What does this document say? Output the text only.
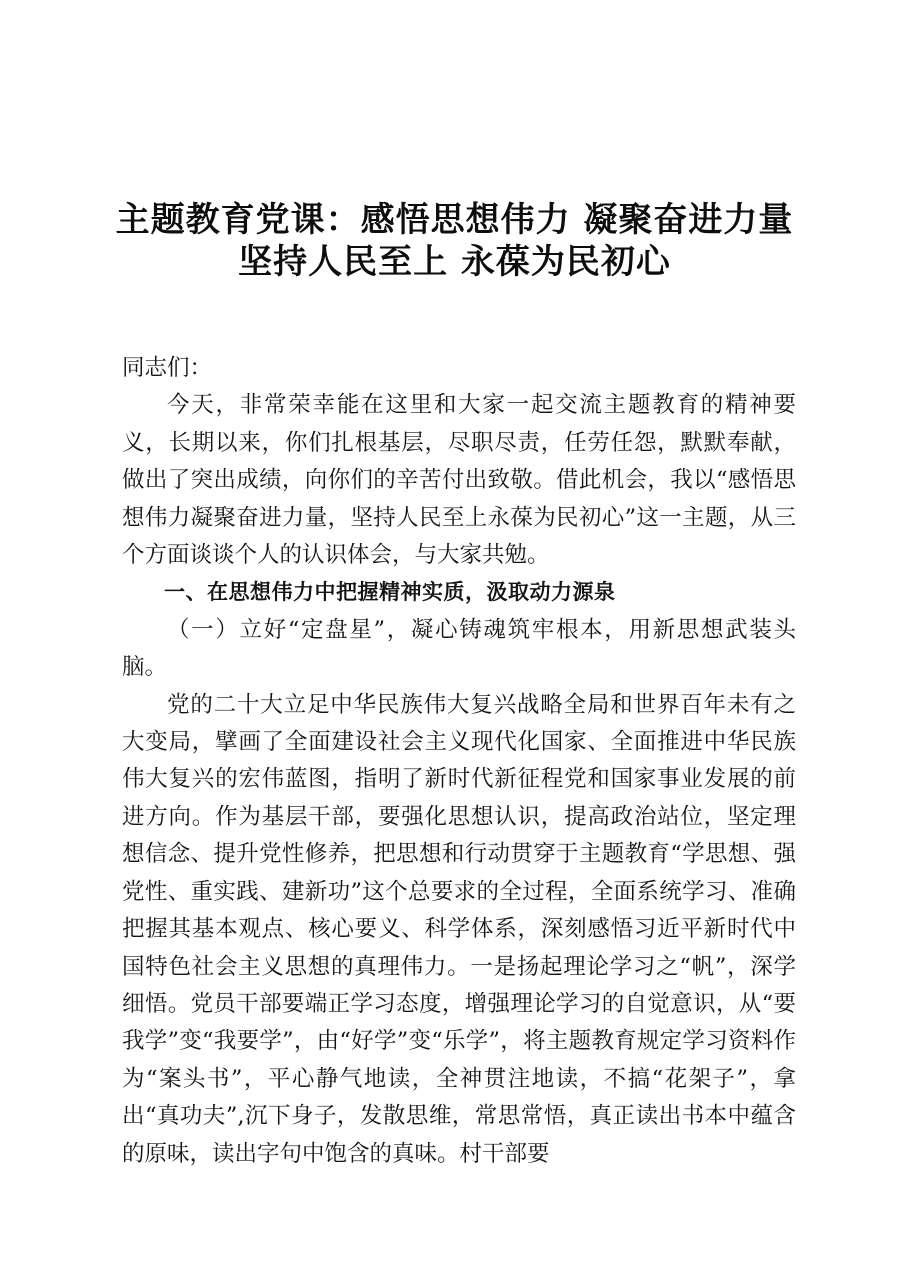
主题教育党课：感悟思想伟力 凝聚奋进力量
坚持人民至上 永葆为民初心

同志们：

今天，非常荣幸能在这里和大家一起交流主题教育的精神要义，长期以来，你们扎根基层，尽职尽责，任劳任怨，默默奉献，做出了突出成绩，向你们的辛苦付出致敬。借此机会，我以“感悟思想伟力凝聚奋进力量，坚持人民至上永葆为民初心”这一主题，从三个方面谈谈个人的认识体会，与大家共勉。

一、在思想伟力中把握精神实质，汲取动力源泉

（一）立好“定盘星”，凝心铸魂筑牢根本，用新思想武装头脑。

党的二十大立足中华民族伟大复兴战略全局和世界百年未有之大变局，擘画了全面建设社会主义现代化国家、全面推进中华民族伟大复兴的宏伟蓝图，指明了新时代新征程党和国家事业发展的前进方向。作为基层干部，要强化思想认识，提高政治站位，坚定理想信念、提升党性修养，把思想和行动贯穿于主题教育“学思想、强党性、重实践、建新功”这个总要求的全过程，全面系统学习、准确把握其基本观点、核心要义、科学体系，深刻感悟习近平新时代中国特色社会主义思想的真理伟力。一是扬起理论学习之“帆”，深学细悟。党员干部要端正学习态度，增强理论学习的自觉意识，从“要我学”变“我要学”，由“好学”变“乐学”，将主题教育规定学习资料作为“案头书”，平心静气地读，全神贯注地读，不搞“花架子”，拿出“真功夫”,沉下身子，发散思维，常思常悟，真正读出书本中蕴含的原味，读出字句中饱含的真味。村干部要
